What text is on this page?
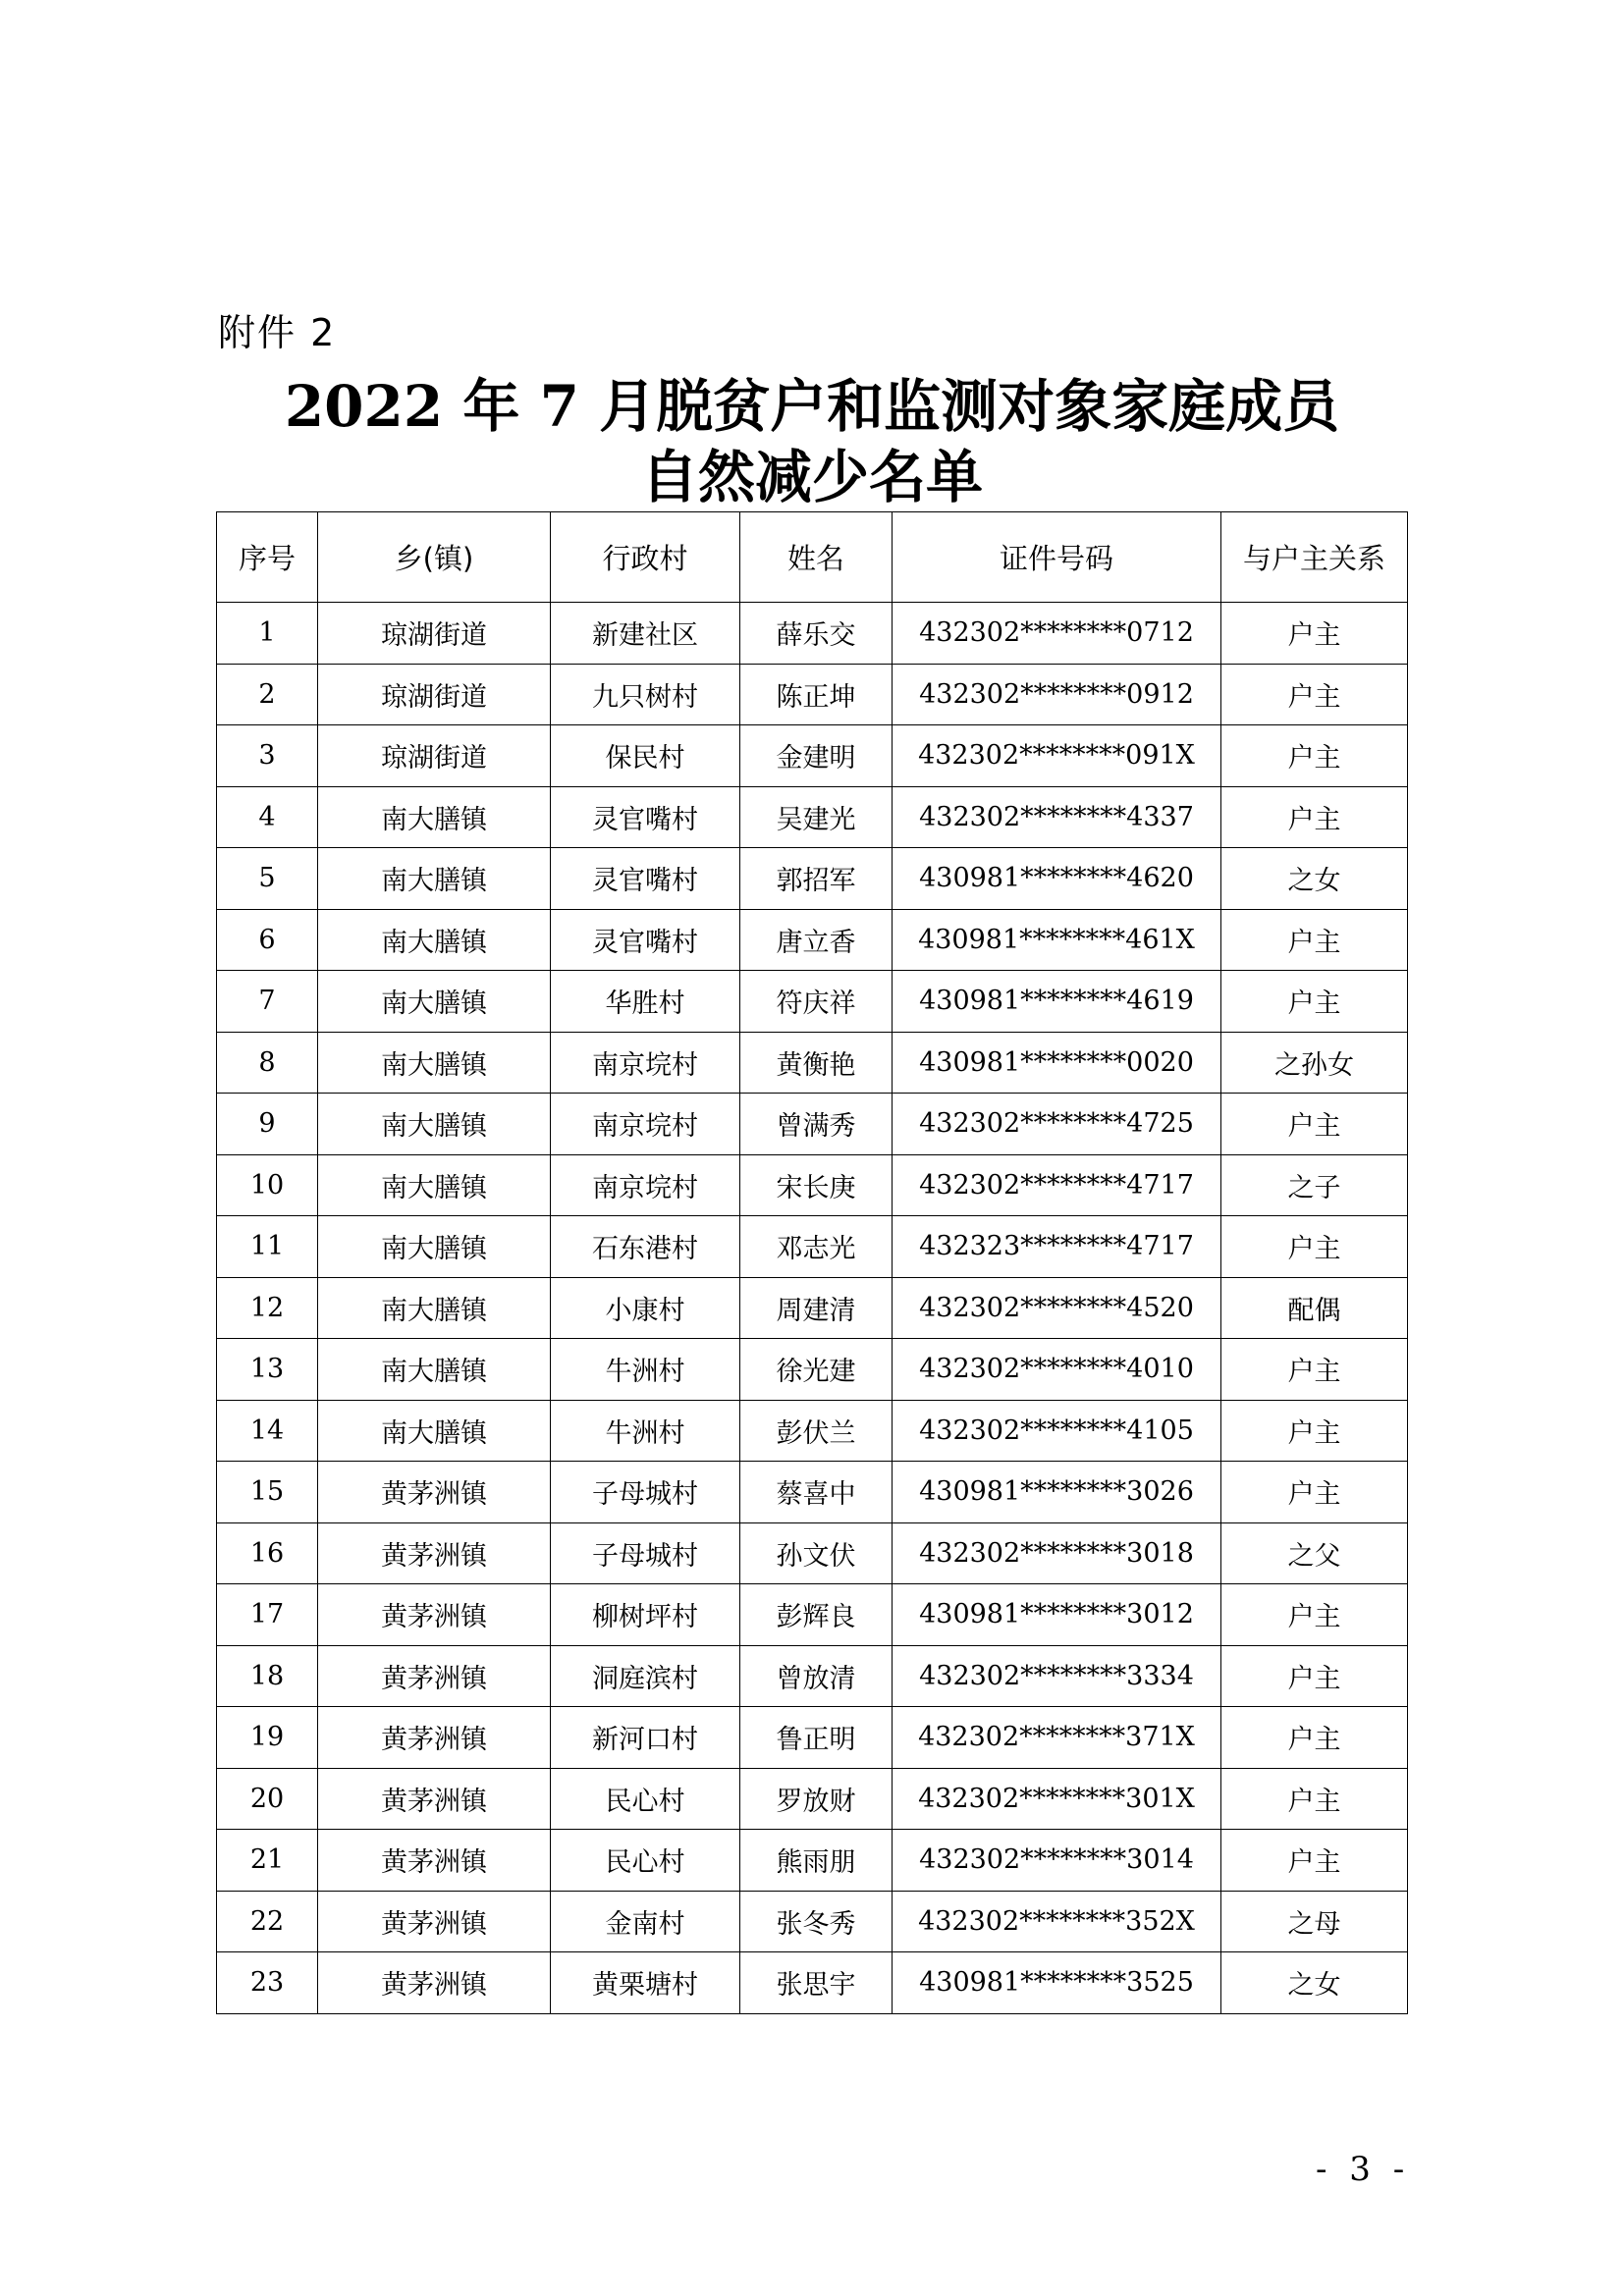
附件 2
2022 年 7 月脱贫户和监测对象家庭成员
自然减少名单
序号	乡(镇)	行政村	姓名	证件号码	与户主关系
1	琼湖街道	新建社区	薛乐交	432302********0712	户主
2	琼湖街道	九只树村	陈正坤	432302********0912	户主
3	琼湖街道	保民村	金建明	432302********091X	户主
4	南大膳镇	灵官嘴村	吴建光	432302********4337	户主
5	南大膳镇	灵官嘴村	郭招军	430981********4620	之女
6	南大膳镇	灵官嘴村	唐立香	430981********461X	户主
7	南大膳镇	华胜村	符庆祥	430981********4619	户主
8	南大膳镇	南京垸村	黄衡艳	430981********0020	之孙女
9	南大膳镇	南京垸村	曾满秀	432302********4725	户主
10	南大膳镇	南京垸村	宋长庚	432302********4717	之子
11	南大膳镇	石东港村	邓志光	432323********4717	户主
12	南大膳镇	小康村	周建清	432302********4520	配偶
13	南大膳镇	牛洲村	徐光建	432302********4010	户主
14	南大膳镇	牛洲村	彭伏兰	432302********4105	户主
15	黄茅洲镇	子母城村	蔡喜中	430981********3026	户主
16	黄茅洲镇	子母城村	孙文伏	432302********3018	之父
17	黄茅洲镇	柳树坪村	彭辉良	430981********3012	户主
18	黄茅洲镇	洞庭滨村	曾放清	432302********3334	户主
19	黄茅洲镇	新河口村	鲁正明	432302********371X	户主
20	黄茅洲镇	民心村	罗放财	432302********301X	户主
21	黄茅洲镇	民心村	熊雨朋	432302********3014	户主
22	黄茅洲镇	金南村	张冬秀	432302********352X	之母
23	黄茅洲镇	黄栗塘村	张思宇	430981********3525	之女
- 3 -
